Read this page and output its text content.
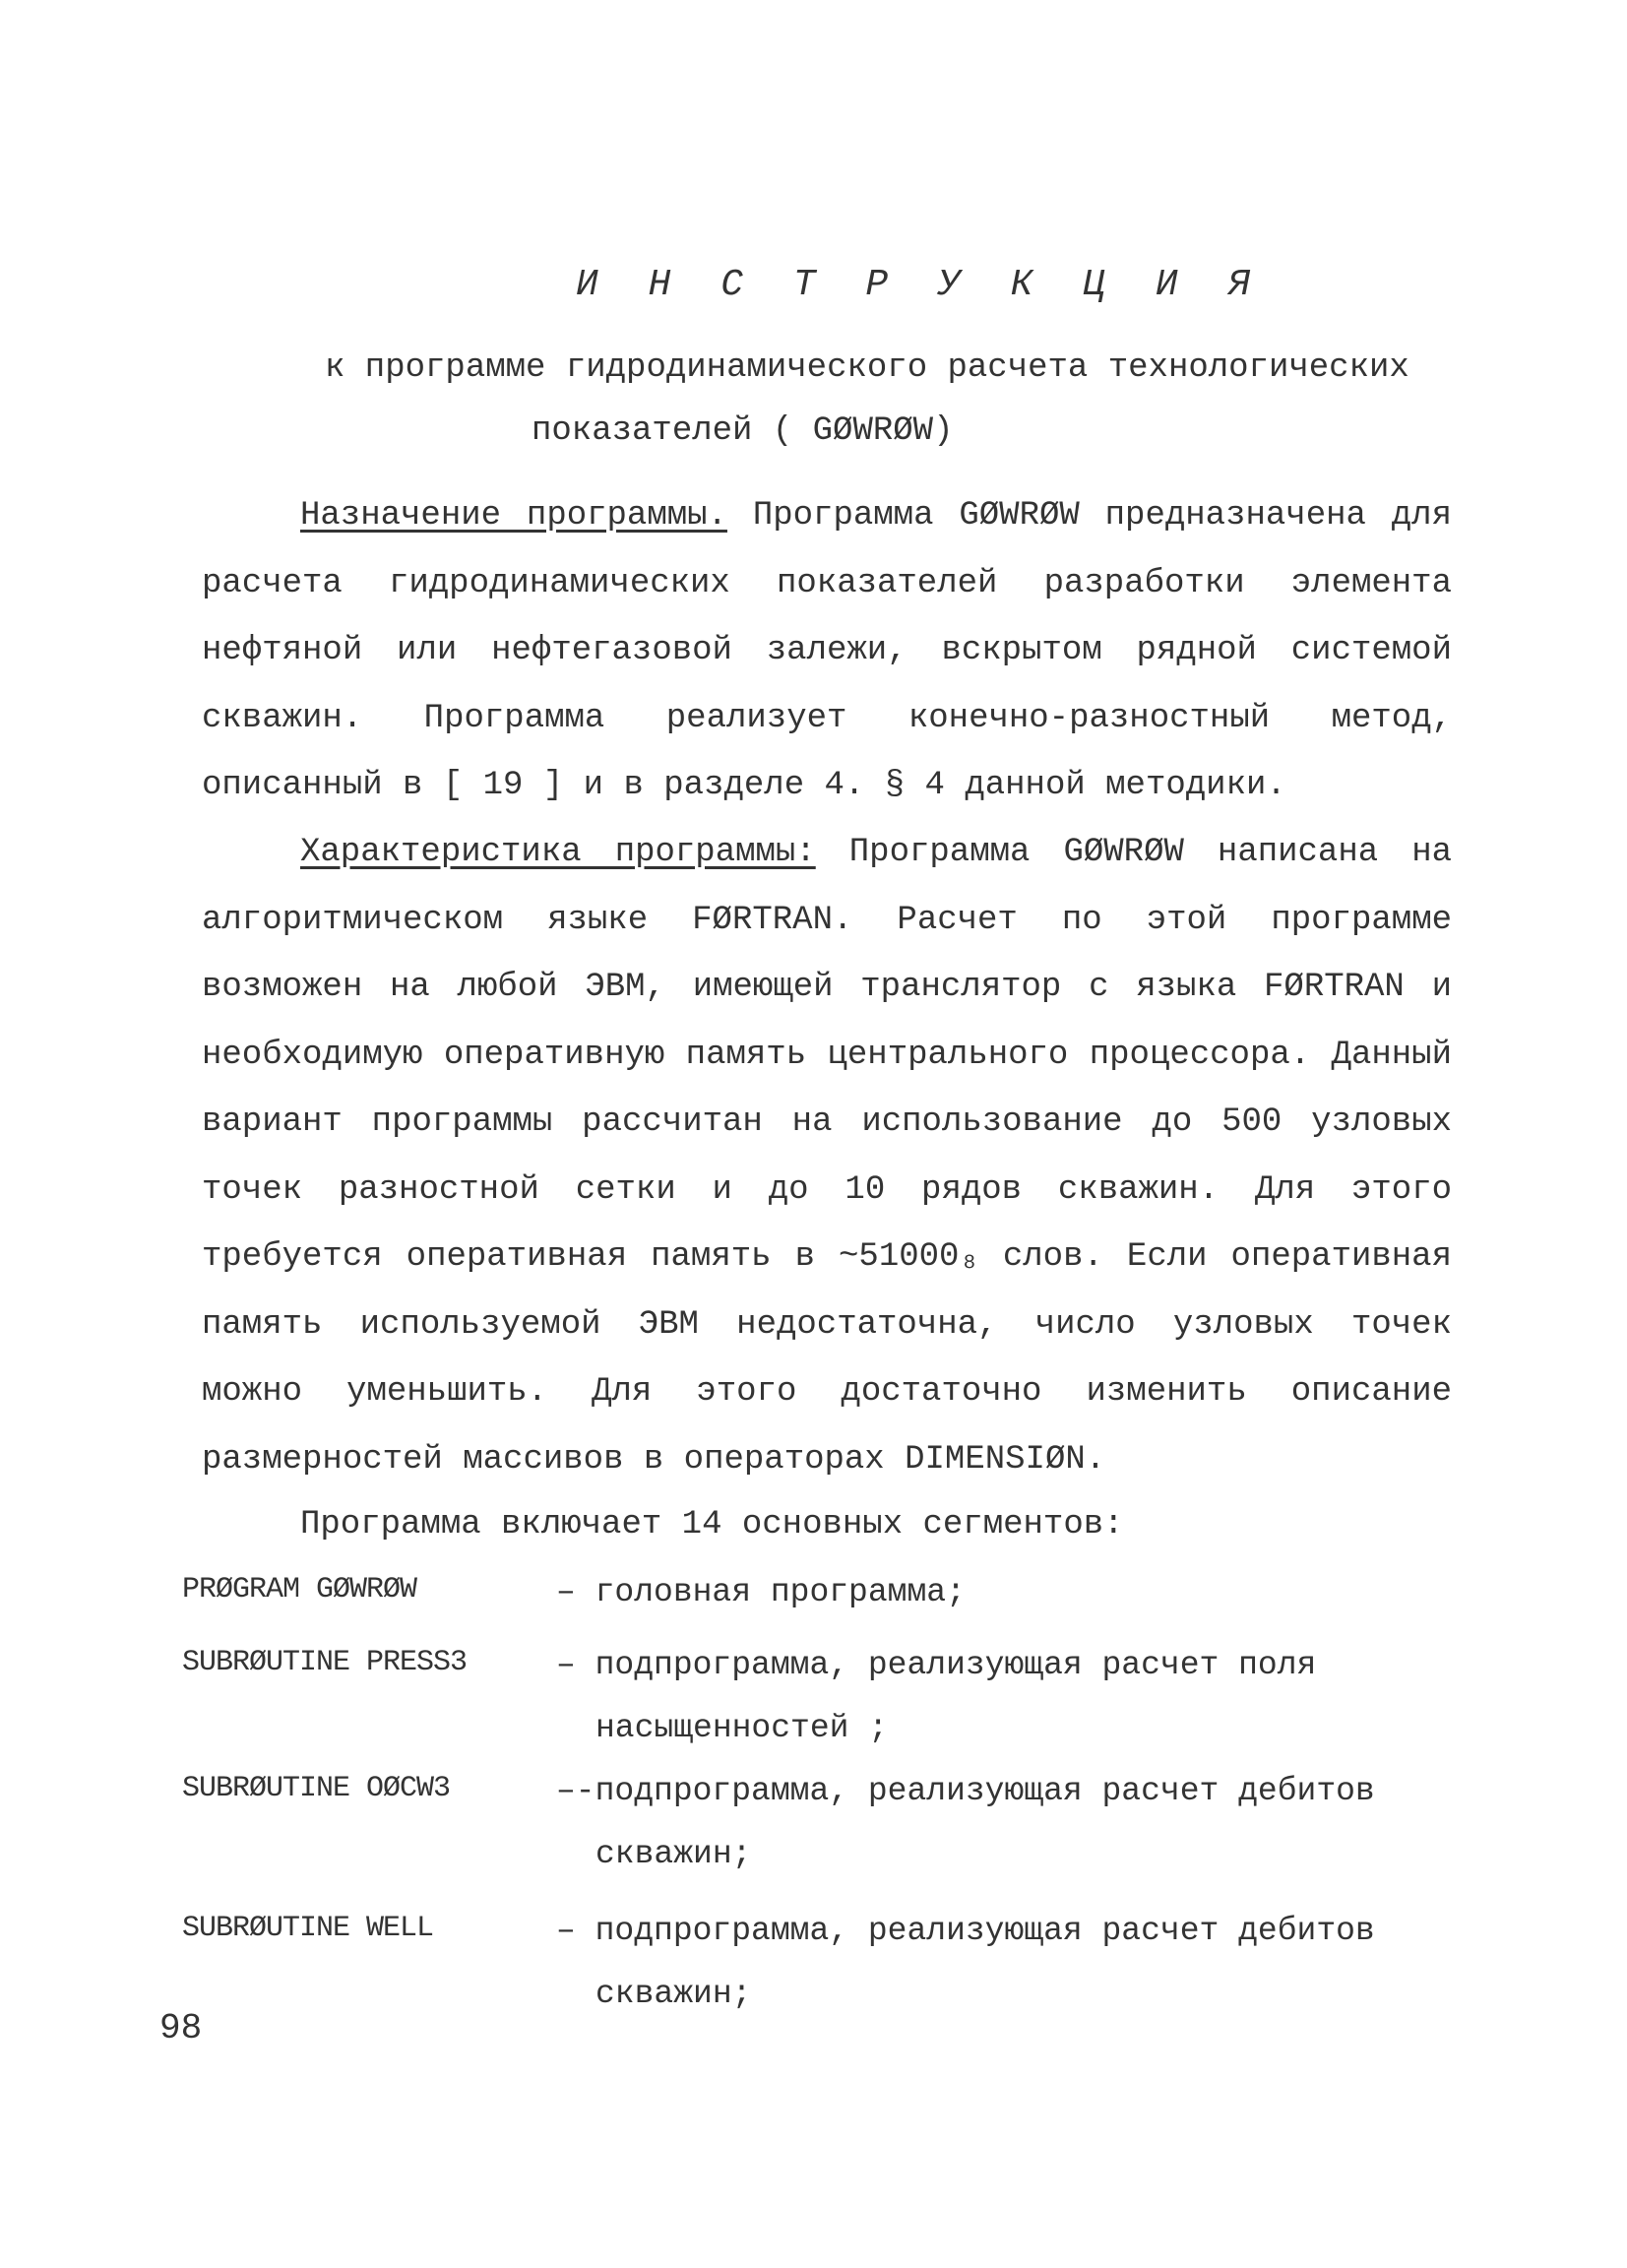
И Н С Т Р У К Ц И Я
к программе гидродинамического расчета технологических
показателей ( GØWRØW)
Назначение программы. Программа GØWRØW предназначена для расчета гидродинамических показателей разработки элемента нефтяной или нефтегазовой залежи, вскрытом рядной системой скважин. Программа реализует конечно-разностный метод, описанный в [ 19 ] и в разделе 4. § 4 данной методики.
Характеристика программы: Программа GØWRØW написана на алгоритмическом языке FØRTRAN. Расчет по этой программе возможен на любой ЭВМ, имеющей транслятор с языка FØRTRAN и необходимую оперативную память центрального процессора. Данный вариант программы рассчитан на использование до 500 узловых точек разностной сетки и до 10 рядов скважин. Для этого требуется оперативная память в ~51000₈ слов. Если оперативная память используемой ЭВМ недостаточна, число узловых точек можно уменьшить. Для этого достаточно изменить описание размерностей массивов в операторах DIMENSIØN.
Программа включает 14 основных сегментов:
PRØGRAM GØWRØW	– головная программа;
SUBRØUTINE PRESS3	– подпрограмма, реализующая расчет поля
насыщенностей ;
SUBRØUTINE OØCW3	–-подпрограмма, реализующая расчет дебитов
скважин;
SUBRØUTINE WELL	– подпрограмма, реализующая расчет дебитов
скважин;
98
